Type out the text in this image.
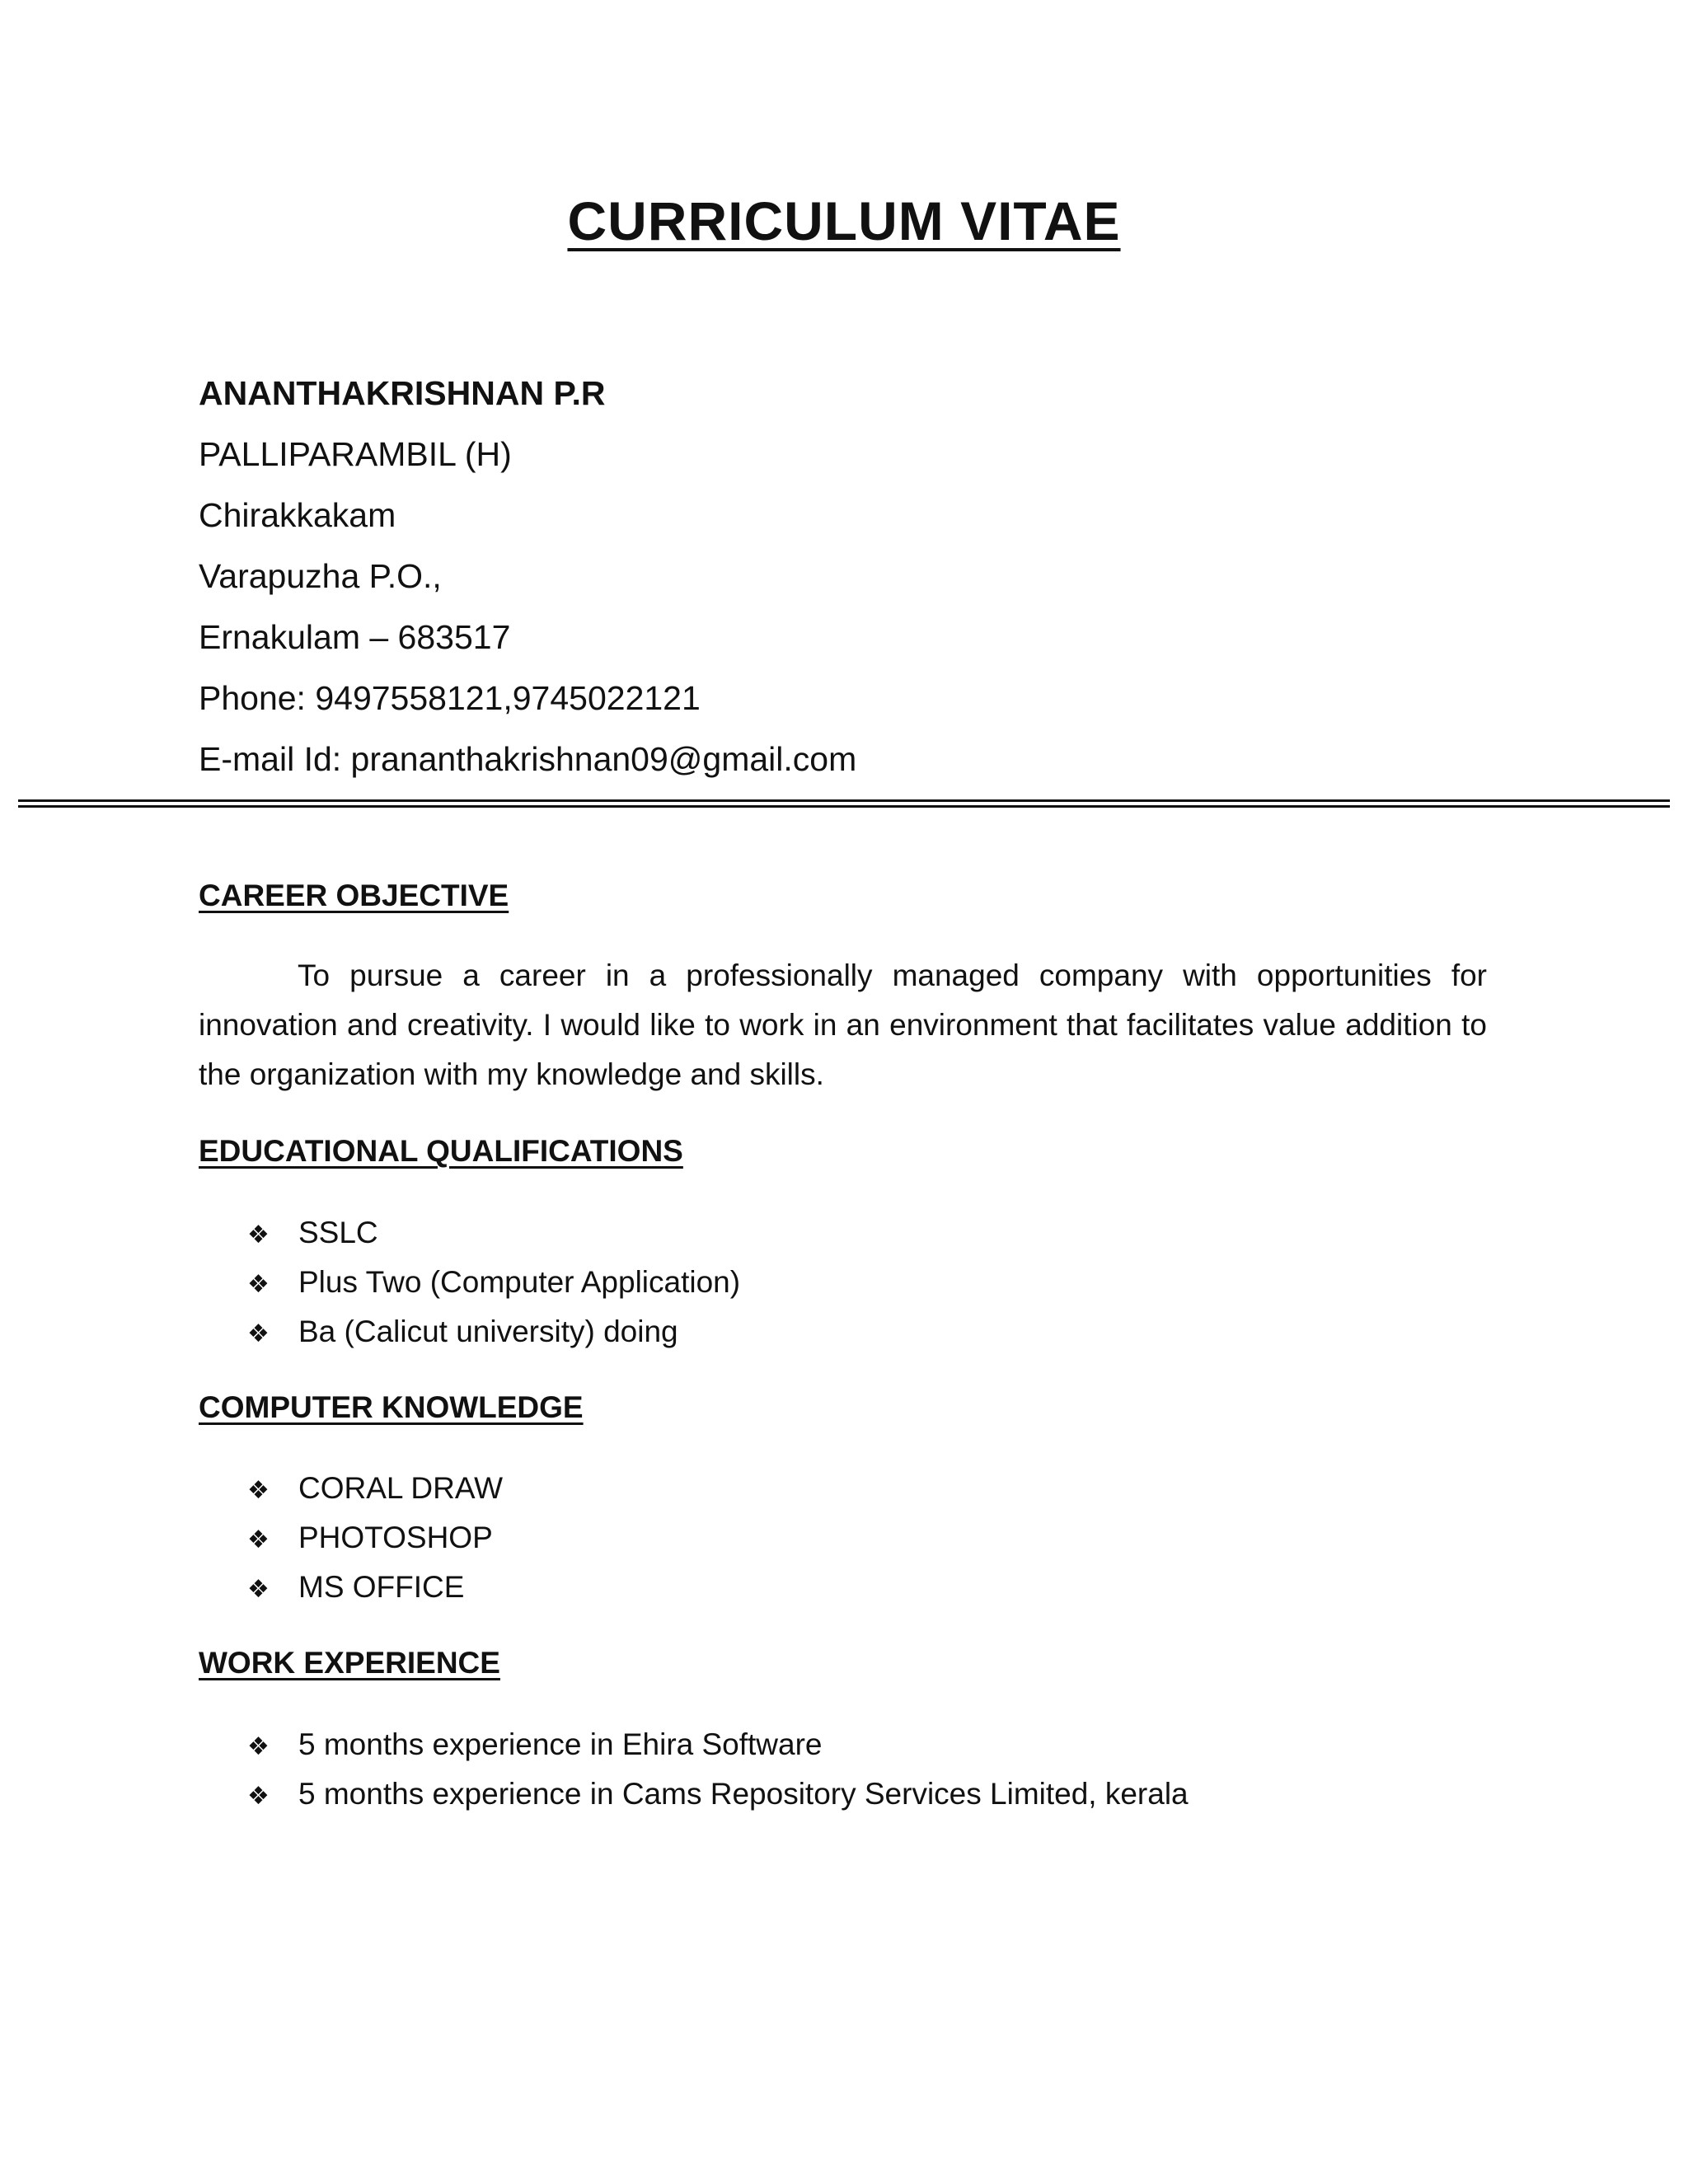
CURRICULUM VITAE
ANANTHAKRISHNAN P.R
PALLIPARAMBIL (H)
Chirakkakam
Varapuzha P.O.,
Ernakulam – 683517
Phone: 9497558121,9745022121
E-mail Id: prananthakrishnan09@gmail.com
CAREER OBJECTIVE

To pursue a career in a professionally managed company with opportunities for innovation and creativity. I would like to work in an environment that facilitates value addition to the organization with my knowledge and skills.

EDUCATIONAL QUALIFICATIONS
❖ SSLC
❖ Plus Two (Computer Application)
❖ Ba (Calicut university) doing
COMPUTER KNOWLEDGE
❖ CORAL DRAW
❖ PHOTOSHOP
❖ MS OFFICE
WORK EXPERIENCE
❖ 5 months experience in Ehira Software
❖ 5 months experience in Cams Repository Services Limited, kerala
